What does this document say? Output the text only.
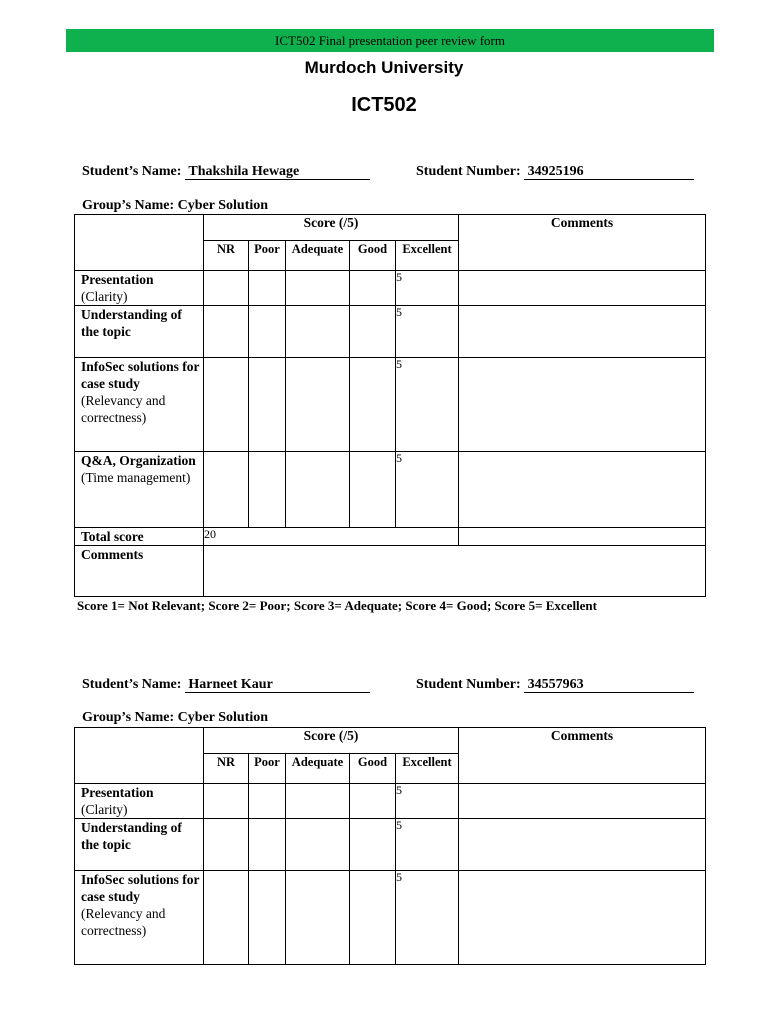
ICT502 Final presentation peer review form
Murdoch University
ICT502
Student’s Name:  Thakshila Hewage	Student Number:  34925196
Group’s Name: Cyber Solution
	Score (/5)					Comments
	NR	Poor	Adequate	Good	Excellent	
Presentation
(Clarity)					5	
Understanding of the topic					5	
InfoSec solutions for case study
(Relevancy and correctness)					5	
Q&A, Organization
(Time management)					5	
Total score	20					
Comments						
Score 1= Not Relevant; Score 2= Poor; Score 3= Adequate; Score 4= Good; Score 5= Excellent
Student’s Name:  Harneet Kaur	Student Number:  34557963
Group’s Name: Cyber Solution
	Score (/5)					Comments
	NR	Poor	Adequate	Good	Excellent	
Presentation
(Clarity)					5	
Understanding of the topic					5	
InfoSec solutions for case study
(Relevancy and correctness)					5	
